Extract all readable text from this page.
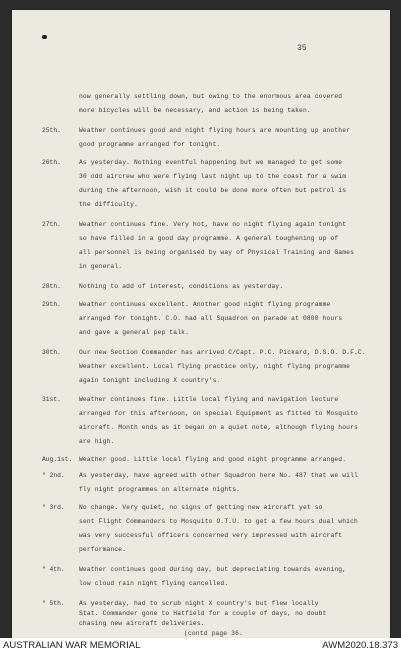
35
now generally settling down, but owing to the enormous area covered
more bicycles will be necessary, and action is being taken.
25th.	Weather continues good and night flying hours are mounting up another
good programme arranged for tonight.
26th.	As yesterday. Nothing eventful happening but we managed to get some
30 odd aircrew who were flying last night up to the coast for a swim
during the afternoon, wish it could be done more often but petrol is
the difficulty.
27th.	Weather continues fine. Very hot, have no night flying again tonight
so have filled in a good day programme. A general toughening up of
all personnel is being organised by way of Physical Training and Games
in general.
28th.	Nothing to add of interest, conditions as yesterday.
29th.	Weather continues excellent. Another good night flying programme
arranged for tonight. C.O. had all Squadron on parade at 0800 hours
and gave a general pep talk.
30th.	Our new Section Commander has arrived C/Capt. P.C. Pickard, D.S.O. D.F.C.
Weather excellent. Local flying practice only, night flying programme
again tonight including X country's.
31st.	Weather continues fine. Little local flying and navigation lecture
arranged for this afternoon, on special Equipment as fitted to Mosquito
aircraft. Month ends as it began on a quiet note, although flying hours
are high.
Aug.1st. Weather good. Little local flying and good night programme arranged.
" 2nd. As yesterday, have agreed with other Squadron here No. 487 that we will
fly night programmes on alternate nights.
" 3rd. No change. Very quiet, no signs of getting new aircraft yet so
sent Flight Commanders to Mosquito O.T.U. to get a few hours dual which
was very successful officers concerned very impressed with aircraft
performance.
" 4th. Weather continues good during day, but depreciating towards evening,
low cloud rain night flying cancelled.
" 5th. As yesterday, had to scrub night X country's but flew locally
Stat. Commander gone to Hatfield for a couple of days, no doubt
chasing new aircraft deliveries.
(contd page 36.
AUSTRALIAN WAR MEMORIAL	AWM2020.18.373
